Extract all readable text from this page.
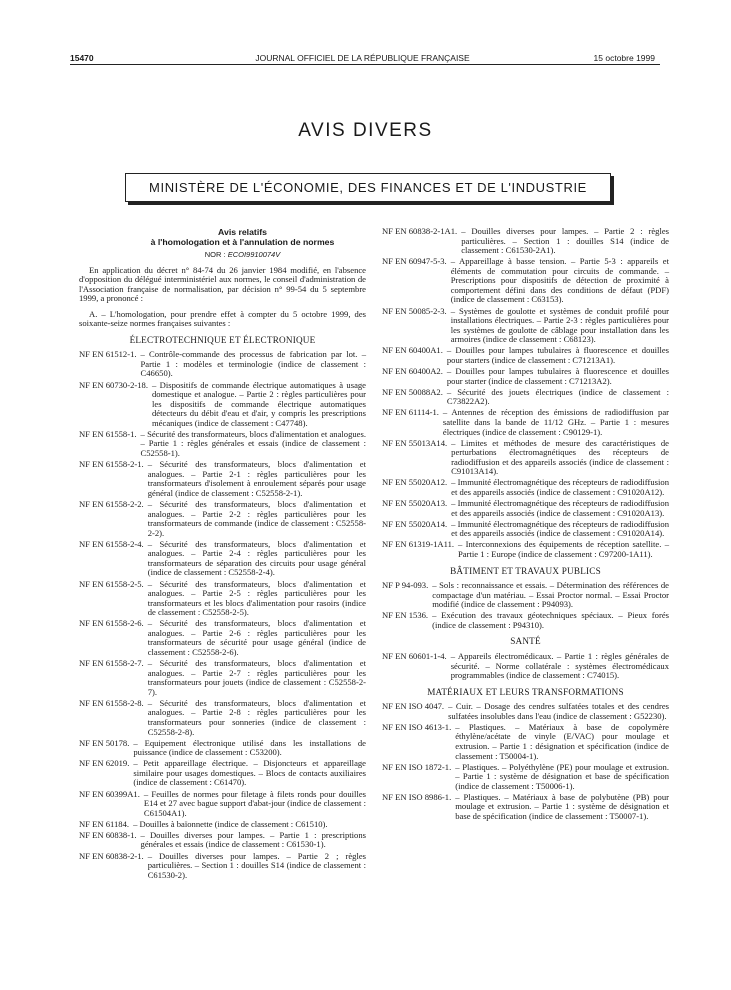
15470	JOURNAL OFFICIEL DE LA RÉPUBLIQUE FRANÇAISE	15 octobre 1999
AVIS DIVERS
MINISTÈRE DE L'ÉCONOMIE, DES FINANCES ET DE L'INDUSTRIE
Avis relatifs
à l'homologation et à l'annulation de normes
NOR : ECOI9910074V
En application du décret n° 84-74 du 26 janvier 1984 modifié, en l'absence d'opposition du délégué interministériel aux normes, le conseil d'administration de l'Association française de normalisation, par décision n° 99-54 du 5 septembre 1999, a prononcé :
A. – L'homologation, pour prendre effet à compter du 5 octobre 1999, des soixante-seize normes françaises suivantes :
ÉLECTROTECHNIQUE ET ÉLECTRONIQUE
NF EN 61512-1. – Contrôle-commande des processus de fabrication par lot. – Partie 1 : modèles et terminologie (indice de classement : C46650).
NF EN 60730-2-18. – Dispositifs de commande électrique automatiques à usage domestique et analogue. – Partie 2 : règles particulières pour les dispositifs de commande électrique automatiques détecteurs du débit d'eau et d'air, y compris les prescriptions mécaniques (indice de classement : C47748).
NF EN 61558-1. – Sécurité des transformateurs, blocs d'alimentation et analogues. – Partie 1 : règles générales et essais (indice de classement : C52558-1).
NF EN 61558-2-1. – Sécurité des transformateurs, blocs d'alimentation et analogues. – Partie 2-1 : règles particulières pour les transformateurs d'isolement à enroulement séparés pour usage général (indice de classement : C52558-2-1).
NF EN 61558-2-2. – Sécurité des transformateurs, blocs d'alimentation et analogues. – Partie 2-2 : règles particulières pour les transformateurs de commande (indice de classement : C52558-2-2).
NF EN 61558-2-4. – Sécurité des transformateurs, blocs d'alimentation et analogues. – Partie 2-4 : règles particulières pour les transformateurs de séparation des circuits pour usage général (indice de classement : C52558-2-4).
NF EN 61558-2-5. – Sécurité des transformateurs, blocs d'alimentation et analogues. – Partie 2-5 : règles particulières pour les transformateurs et les blocs d'alimentation pour rasoirs (indice de classement : C52558-2-5).
NF EN 61558-2-6. – Sécurité des transformateurs, blocs d'alimentation et analogues. – Partie 2-6 : règles particulières pour les transformateurs de sécurité pour usage général (indice de classement : C52558-2-6).
NF EN 61558-2-7. – Sécurité des transformateurs, blocs d'alimentation et analogues. – Partie 2-7 : règles particulières pour les transformateurs pour jouets (indice de classement : C52558-2-7).
NF EN 61558-2-8. – Sécurité des transformateurs, blocs d'alimentation et analogues. – Partie 2-8 : règles particulières pour les transformateurs pour sonneries (indice de classement : C52558-2-8).
NF EN 50178. – Equipement électronique utilisé dans les installations de puissance (indice de classement : C53200).
NF EN 62019. – Petit appareillage électrique. – Disjoncteurs et appareillage similaire pour usages domestiques. – Blocs de contacts auxiliaires (indice de classement : C61470).
NF EN 60399A1. – Feuilles de normes pour filetage à filets ronds pour douilles E14 et 27 avec bague support d'abat-jour (indice de classement : C61504A1).
NF EN 61184. – Douilles à baïonnette (indice de classement : C61510).
NF EN 60838-1. – Douilles diverses pour lampes. – Partie 1 : prescriptions générales et essais (indice de classement : C61530-1).
NF EN 60838-2-1. – Douilles diverses pour lampes. – Partie 2 ; règles particulières. – Section 1 : douilles S14 (indice de classement : C61530-2).
NF EN 60838-2-1A1. – Douilles diverses pour lampes. – Partie 2 : règles particulières. – Section 1 : douilles S14 (indice de classement : C61530-2A1).
NF EN 60947-5-3. – Appareillage à basse tension. – Partie 5-3 : appareils et éléments de commutation pour circuits de commande. – Prescriptions pour dispositifs de détection de proximité à comportement défini dans des conditions de défaut (PDF) (indice de classement : C63153).
NF EN 50085-2-3. – Systèmes de goulotte et systèmes de conduit profilé pour installations électriques. – Partie 2-3 : règles particulières pour les systèmes de goulotte de câblage pour installation dans les armoires (indice de classement : C68123).
NF EN 60400A1. – Douilles pour lampes tubulaires à fluorescence et douilles pour starters (indice de classement : C71213A1).
NF EN 60400A2. – Douilles pour lampes tubulaires à fluorescence et douilles pour starter (indice de classement : C71213A2).
NF EN 50088A2. – Sécurité des jouets électriques (indice de classement : C73822A2).
NF EN 61114-1. – Antennes de réception des émissions de radiodiffusion par satellite dans la bande de 11/12 GHz. – Partie 1 : mesures électriques (indice de classement : C90129-1).
NF EN 55013A14. – Limites et méthodes de mesure des caractéristiques de perturbations électromagnétiques des récepteurs de radiodiffusion et des appareils associés (indice de classement : C91013A14).
NF EN 55020A12. – Immunité électromagnétique des récepteurs de radiodiffusion et des appareils associés (indice de classement : C91020A12).
NF EN 55020A13. – Immunité électromagnétique des récepteurs de radiodiffusion et des appareils associés (indice de classement : C91020A13).
NF EN 55020A14. – Immunité électromagnétique des récepteurs de radiodiffusion et des appareils associés (indice de classement : C91020A14).
NF EN 61319-1A11. – Interconnexions des équipements de réception satellite. – Partie 1 : Europe (indice de classement : C97200-1A11).
BÂTIMENT ET TRAVAUX PUBLICS
NF P 94-093. – Sols : reconnaissance et essais. – Détermination des références de compactage d'un matériau. – Essai Proctor normal. – Essai Proctor modifié (indice de classement : P94093).
NF EN 1536. – Exécution des travaux géotechniques spéciaux. – Pieux forés (indice de classement : P94310).
SANTÉ
NF EN 60601-1-4. – Appareils électromédicaux. – Partie 1 : règles générales de sécurité. – Norme collatérale : systèmes électromédicaux programmables (indice de classement : C74015).
MATÉRIAUX ET LEURS TRANSFORMATIONS
NF EN ISO 4047. – Cuir. – Dosage des cendres sulfatées totales et des cendres sulfatées insolubles dans l'eau (indice de classement : G52230).
NF EN ISO 4613-1. – Plastiques. – Matériaux à base de copolymère éthylène/acétate de vinyle (E/VAC) pour moulage et extrusion. – Partie 1 : désignation et spécification (indice de classement : T50004-1).
NF EN ISO 1872-1. – Plastiques. – Polyéthylène (PE) pour moulage et extrusion. – Partie 1 : système de désignation et base de spécification (indice de classement : T50006-1).
NF EN ISO 8986-1. – Plastiques. – Matériaux à base de polybutène (PB) pour moulage et extrusion. – Partie 1 : système de désignation et base de spécification (indice de classement : T50007-1).
